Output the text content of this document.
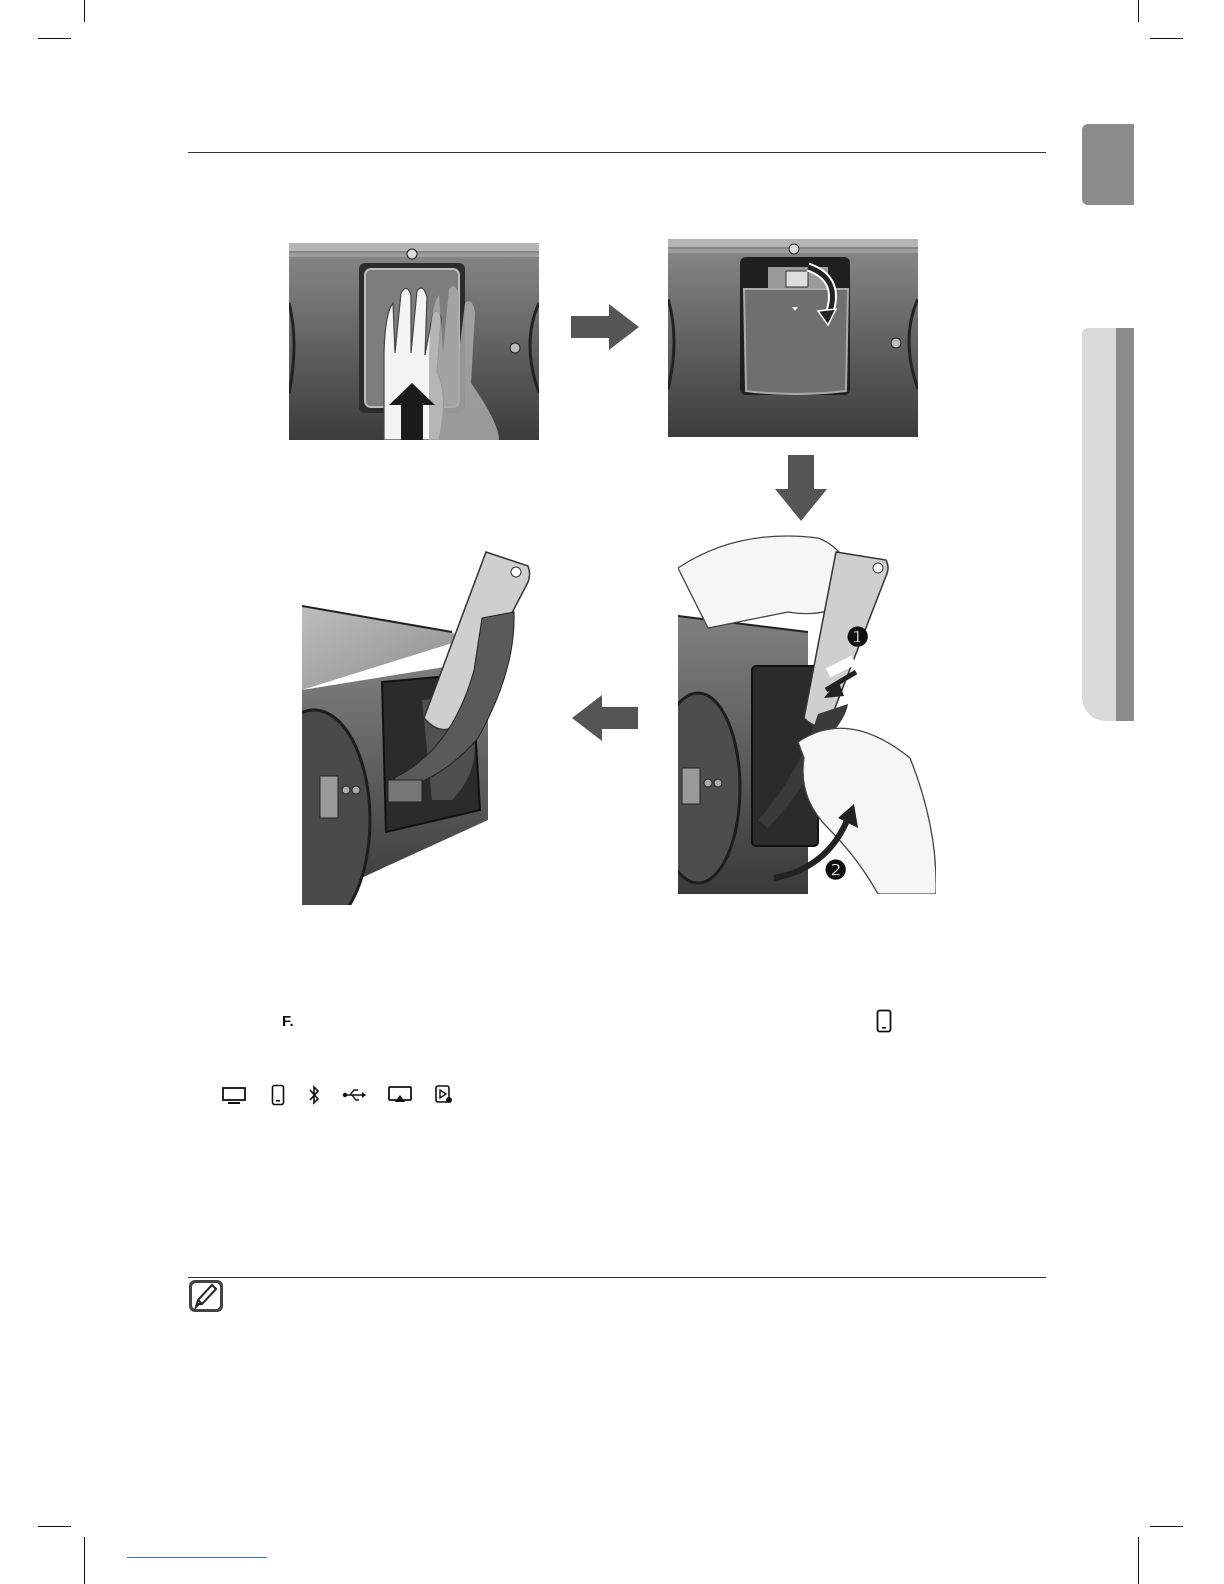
❶
❷
F.
